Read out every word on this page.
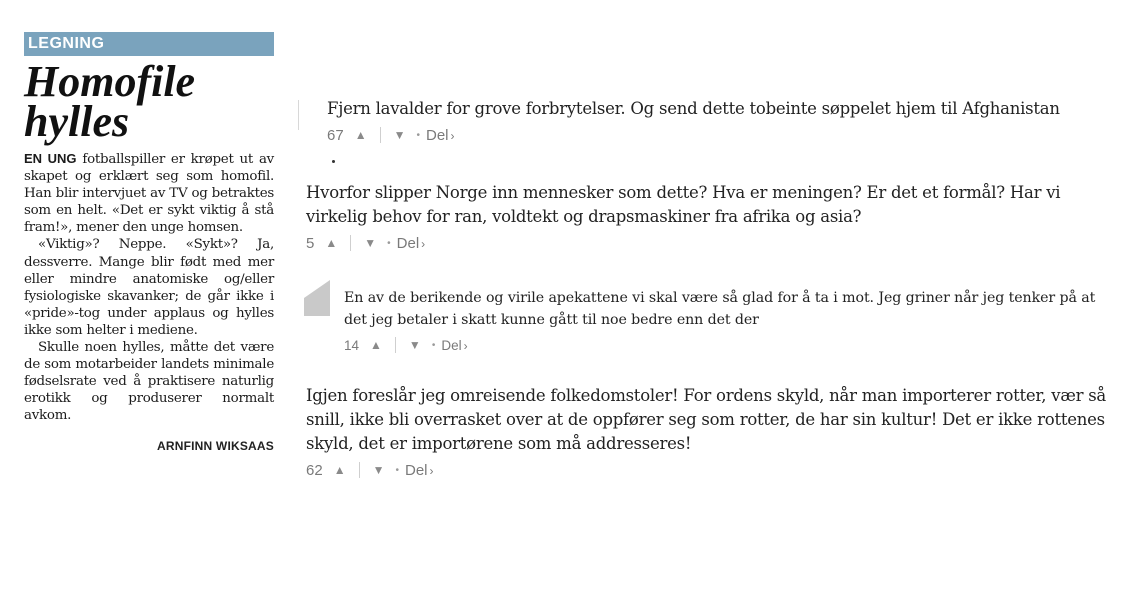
LEGNING
Homofile
hylles

EN UNG fotballspiller er krøpet ut av skapet og erklært seg som homofil. Han blir intervjuet av TV og betraktes som en helt. «Det er sykt viktig å stå fram!», mener den unge homsen.

«Viktig»? Neppe. «Sykt»? Ja, dessverre. Mange blir født med mer eller mindre anatomiske og/eller fysiologiske skavanker; de går ikke i «pride»-tog under applaus og hylles ikke som helter i mediene.

Skulle noen hylles, måtte det være de som motarbeider landets minimale fødselsrate ved å praktisere naturlig erotikk og produserer normalt avkom.

ARNFINN WIKSAAS

Fjern lavalder for grove forbrytelser. Og send dette tobeinte søppelet hjem til Afghanistan
67 ▲ ▼ • Del ›
Hvorfor slipper Norge inn mennesker som dette? Hva er meningen? Er det et formål? Har vi virkelig behov for ran, voldtekt og drapsmaskiner fra afrika og asia?
5 ▲ ▼ • Del ›
En av de berikende og virile apekattene vi skal være så glad for å ta i mot. Jeg griner når jeg tenker på at det jeg betaler i skatt kunne gått til noe bedre enn det der
14 ▲ ▼ • Del ›
Igjen foreslår jeg omreisende folkedomstoler! For ordens skyld, når man importerer rotter, vær så snill, ikke bli overrasket over at de oppfører seg som rotter, de har sin kultur! Det er ikke rottenes skyld, det er importørene som må addresseres!
62 ▲ ▼ • Del ›
